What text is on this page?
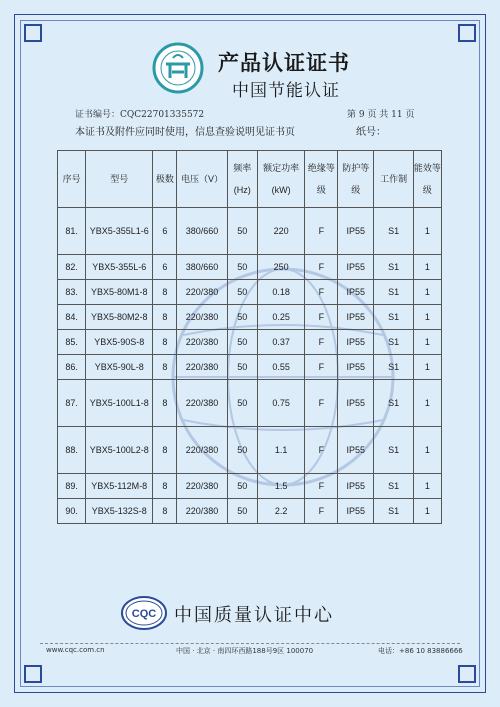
产品认证证书
中国节能认证
证书编号：CQC22701335572	第 9 页 共 11 页
本证书及附件应同时使用，信息查验说明见证书页	纸号：
序号	型号	极数	电压（V）	频率(Hz)	额定功率(kW)	绝缘等级	防护等级	工作制	能效等级
81.	YBX5-355L1-6	6	380/660	50	220	F	IP55	S1	1
82.	YBX5-355L-6	6	380/660	50	250	F	IP55	S1	1
83.	YBX5-80M1-8	8	220/380	50	0.18	F	IP55	S1	1
84.	YBX5-80M2-8	8	220/380	50	0.25	F	IP55	S1	1
85.	YBX5-90S-8	8	220/380	50	0.37	F	IP55	S1	1
86.	YBX5-90L-8	8	220/380	50	0.55	F	IP55	S1	1
87.	YBX5-100L1-8	8	220/380	50	0.75	F	IP55	S1	1
88.	YBX5-100L2-8	8	220/380	50	1.1	F	IP55	S1	1
89.	YBX5-112M-8	8	220/380	50	1.5	F	IP55	S1	1
90.	YBX5-132S-8	8	220/380	50	2.2	F	IP55	S1	1
CQC 中国质量认证中心
www.cqc.com.cn	中国 · 北京 · 南四环西路188号9区 100070	电话：+86 10 83886666
